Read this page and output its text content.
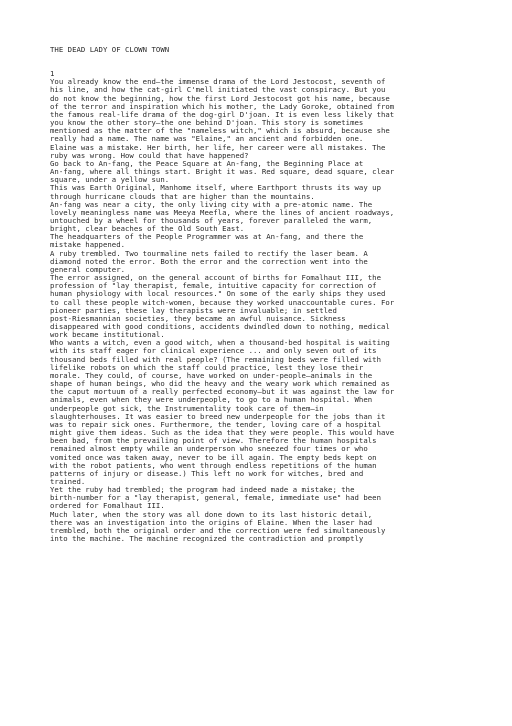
THE DEAD LADY OF CLOWN TOWN
1
You already know the end—the immense drama of the Lord Jestocost, seventh of
his line, and how the cat-girl C'mell initiated the vast conspiracy. But you
do not know the beginning, how the first Lord Jestocost got his name, because
of the terror and inspiration which his mother, the Lady Goroke, obtained from
the famous real-life drama of the dog-girl D'joan. It is even less likely that
you know the other story—the one behind D'joan. This story is sometimes
mentioned as the matter of the "nameless witch," which is absurd, because she
really had a name. The name was "Elaine," an ancient and forbidden one.
Elaine was a mistake. Her birth, her life, her career were all mistakes. The
ruby was wrong. How could that have happened?
Go back to An-fang, the Peace Square at An-fang, the Beginning Place at
An-fang, where all things start. Bright it was. Red square, dead square, clear
square, under a yellow sun.
This was Earth Original, Manhome itself, where Earthport thrusts its way up
through hurricane clouds that are higher than the mountains.
An-fang was near a city, the only living city with a pre-atomic name. The
lovely meaningless name was Meeya Meefla, where the lines of ancient roadways,
untouched by a wheel for thousands of years, forever paralleled the warm,
bright, clear beaches of the Old South East.
The headquarters of the People Programmer was at An-fang, and there the
mistake happened.
A ruby trembled. Two tourmaline nets failed to rectify the laser beam. A
diamond noted the error. Both the error and the correction went into the
general computer.
The error assigned, on the general account of births for Fomalhaut III, the
profession of "lay therapist, female, intuitive capacity for correction of
human physiology with local resources." On some of the early ships they used
to call these people witch-women, because they worked unaccountable cures. For
pioneer parties, these lay therapists were invaluable; in settled
post-Riesmannian societies, they became an awful nuisance. Sickness
disappeared with good conditions, accidents dwindled down to nothing, medical
work became institutional.
Who wants a witch, even a good witch, when a thousand-bed hospital is waiting
with its staff eager for clinical experience ... and only seven out of its
thousand beds filled with real people? (The remaining beds were filled with
lifelike robots on which the staff could practice, lest they lose their
morale. They could, of course, have worked on under-people—animals in the
shape of human beings, who did the heavy and the weary work which remained as
the caput mortuum of a really perfected economy—but it was against the law for
animals, even when they were underpeople, to go to a human hospital. When
underpeople got sick, the Instrumentality took care of them—in
slaughterhouses. It was easier to breed new underpeople for the jobs than it
was to repair sick ones. Furthermore, the tender, loving care of a hospital
might give them ideas. Such as the idea that they were people. This would have
been bad, from the prevailing point of view. Therefore the human hospitals
remained almost empty while an underperson who sneezed four times or who
vomited once was taken away, never to be ill again. The empty beds kept on
with the robot patients, who went through endless repetitions of the human
patterns of injury or disease.) This left no work for witches, bred and
trained.
Yet the ruby had trembled; the program had indeed made a mistake; the
birth-number for a "lay therapist, general, female, immediate use" had been
ordered for Fomalhaut III.
Much later, when the story was all done down to its last historic detail,
there was an investigation into the origins of Elaine. When the laser had
trembled, both the original order and the correction were fed simultaneously
into the machine. The machine recognized the contradiction and promptly
